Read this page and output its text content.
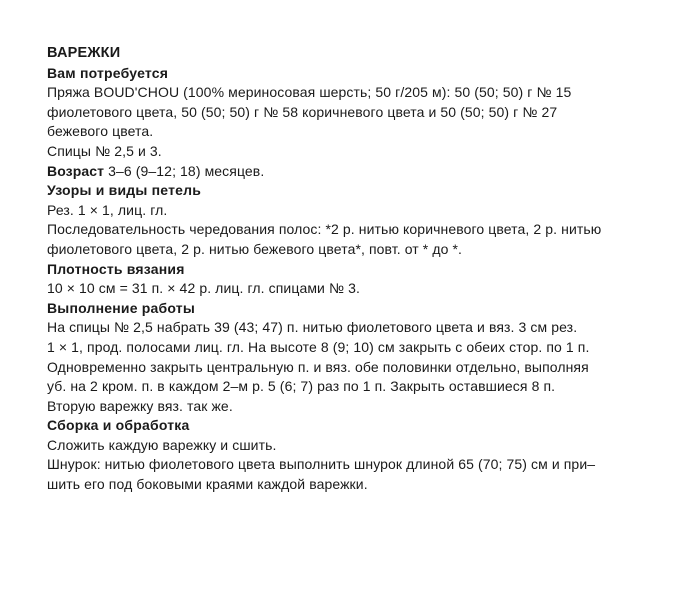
ВАРЕЖКИ
Вам потребуется
Пряжа BOUD'CHOU (100% мериносовая шерсть; 50 г/205 м): 50 (50; 50) г № 15
фиолетового цвета, 50 (50; 50) г № 58 коричневого цвета и 50 (50; 50) г № 27
бежевого цвета.
Спицы № 2,5 и 3.
Возраст 3–6 (9–12; 18) месяцев.
Узоры и виды петель
Рез. 1 × 1, лиц. гл.
Последовательность чередования полос: *2 р. нитью коричневого цвета, 2 р. нитью
фиолетового цвета, 2 р. нитью бежевого цвета*, повт. от * до *.
Плотность вязания
10 × 10 см = 31 п. × 42 р. лиц. гл. спицами № 3.
Выполнение работы
На спицы № 2,5 набрать 39 (43; 47) п. нитью фиолетового цвета и вяз. 3 см рез.
1 × 1, прод. полосами лиц. гл. На высоте 8 (9; 10) см закрыть с обеих стор. по 1 п.
Одновременно закрыть центральную п. и вяз. обе половинки отдельно, выполняя
уб. на 2 кром. п. в каждом 2–м р. 5 (6; 7) раз по 1 п. Закрыть оставшиеся 8 п.
Вторую варежку вяз. так же.
Сборка и обработка
Сложить каждую варежку и сшить.
Шнурок: нитью фиолетового цвета выполнить шнурок длиной 65 (70; 75) см и при–
шить его под боковыми краями каждой варежки.
